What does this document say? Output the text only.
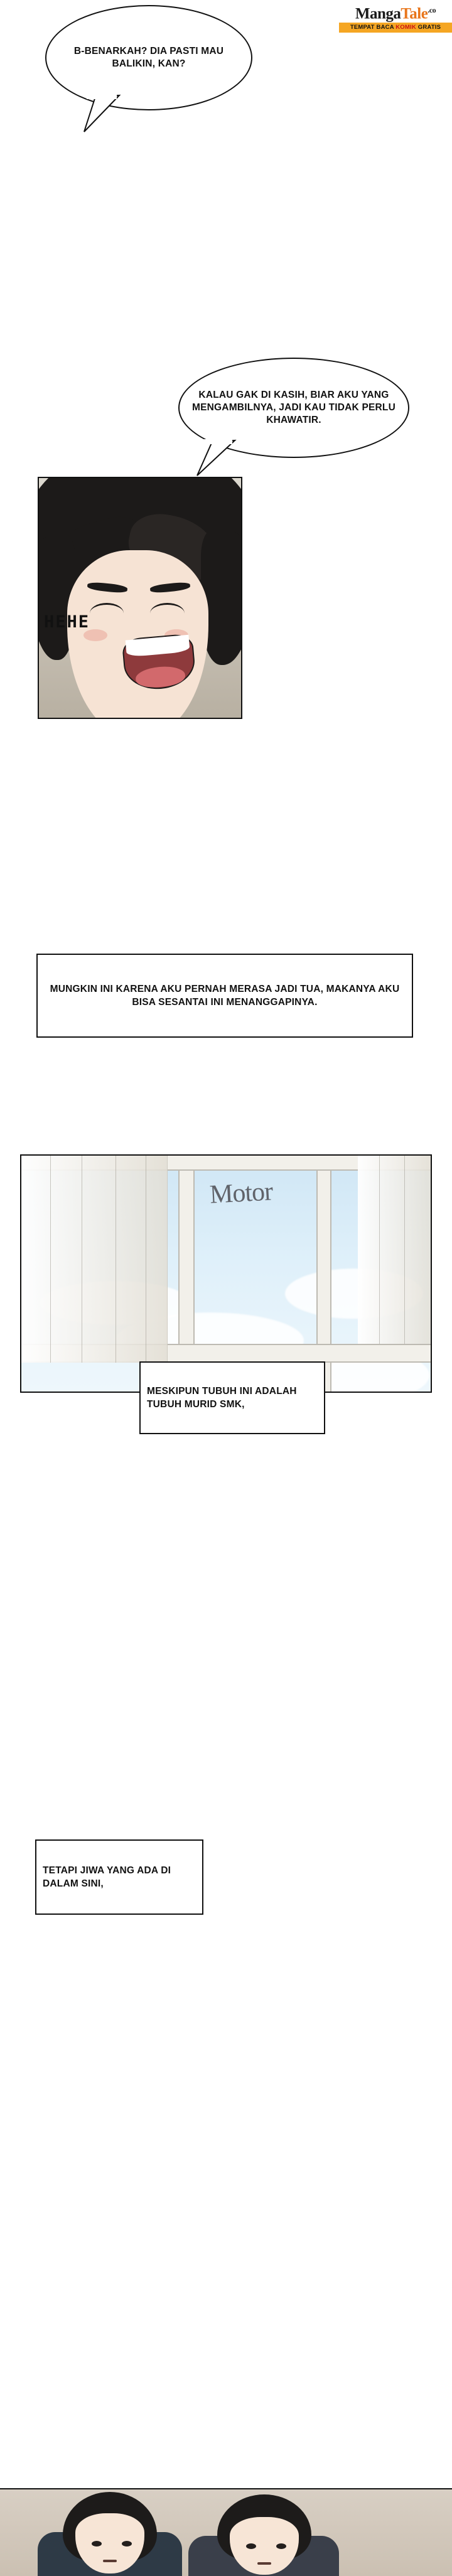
MangaTale$^{.co}$
TEMPAT BACA KOMIK GRATIS
B-BENARKAH? DIA PASTI MAU BALIKIN, KAN?
KALAU GAK DI KASIH, BIAR AKU YANG MENGAMBILNYA, JADI KAU TIDAK PERLU KHAWATIR.
HEHE
MUNGKIN INI KARENA AKU PERNAH MERASA JADI TUA, MAKANYA AKU BISA SESANTAI INI MENANGGAPINYA.
Motor
MESKIPUN TUBUH INI ADALAH TUBUH MURID SMK,
TETAPI JIWA YANG ADA DI DALAM SINI,
